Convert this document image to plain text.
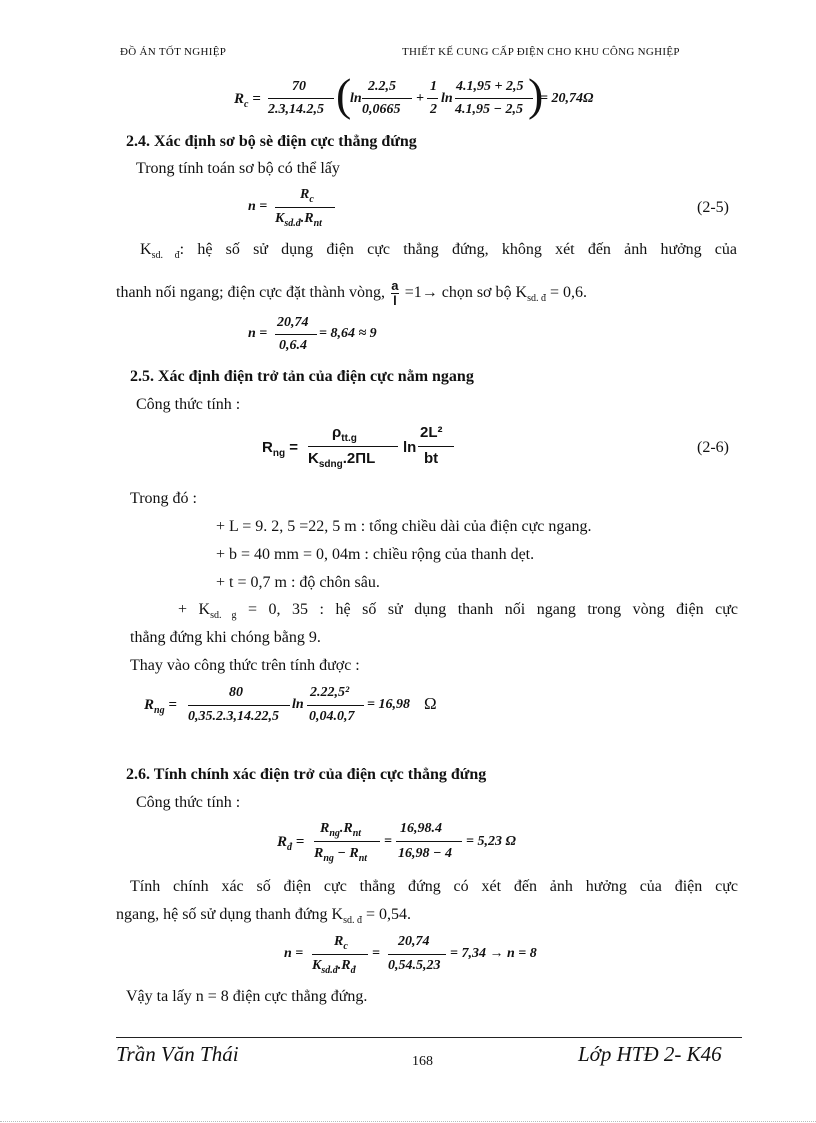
ĐỒ ÁN TỐT NGHIỆP	THIẾT KẾ CUNG CẤP ĐIỆN CHO KHU CÔNG NGHIỆP
$R_c$ =
70
2.3,14.2,5 (
ln
2.2,5
0,0665
+
1
2
ln
4.1,95 + 2,5
4.1,95 − 2,5 )
= 20,74Ω
2.4. Xác định sơ bộ sè điện cực thẳng đứng
Trong tính toán sơ bộ có thể lấy
n =
$R_c$
$K_{sd.đ}.R_{nt}$
(2-5)
$K_{sd. đ}$: hệ số sử dụng điện cực thẳng đứng, không xét đến ảnh hưởng của
thanh nối ngang; điện cực đặt thành vòng, $\frac{a}{l} =1\to$ chọn sơ bộ $K_{sd. đ} = 0,6$.
n =
20,74
0,6.4
= 8,64 ≈ 9
2.5. Xác định điện trở tản của điện cực nằm ngang
Công thức tính :
$R_{ng}$ =
$\rho_{tt.g}$
$K_{sdng}.2\Pi L$
ln
2L²
bt
(2-6)
Trong đó :
+ L = 9. 2, 5 =22, 5 m : tổng chiều dài của điện cực ngang.
+ b = 40 mm = 0, 04m : chiều rộng của thanh dẹt.
+ t = 0,7 m : độ chôn sâu.
+ $K_{sd. g} = 0$, 35 : hệ số sử dụng thanh nối ngang trong vòng điện cực
thẳng đứng khi chóng bằng 9.
Thay vào công thức trên tính được :
$R_{ng}$ =
80
0,35.2.3,14.22,5
ln
2.22,5²
0,04.0,7
= 16,98 Ω
2.6. Tính chính xác điện trở của điện cực thẳng đứng
Công thức tính :
$R_đ$ =
$R_{ng}.R_{nt}$
$R_{ng} - R_{nt}$
=
16,98.4
16,98 − 4
= 5,23 Ω
Tính chính xác số điện cực thẳng đứng có xét đến ảnh hưởng của điện cực
ngang, hệ số sử dụng thanh đứng $K_{sd. đ} = 0,54$.
n =
$R_c$
$K_{sd.đ}.R_đ$
=
20,74
0,54.5,23
= 7,34 → n = 8
Vậy ta lấy n = 8 điện cực thẳng đứng.
Trần Văn Thái	168	Lớp HTĐ 2- K46
